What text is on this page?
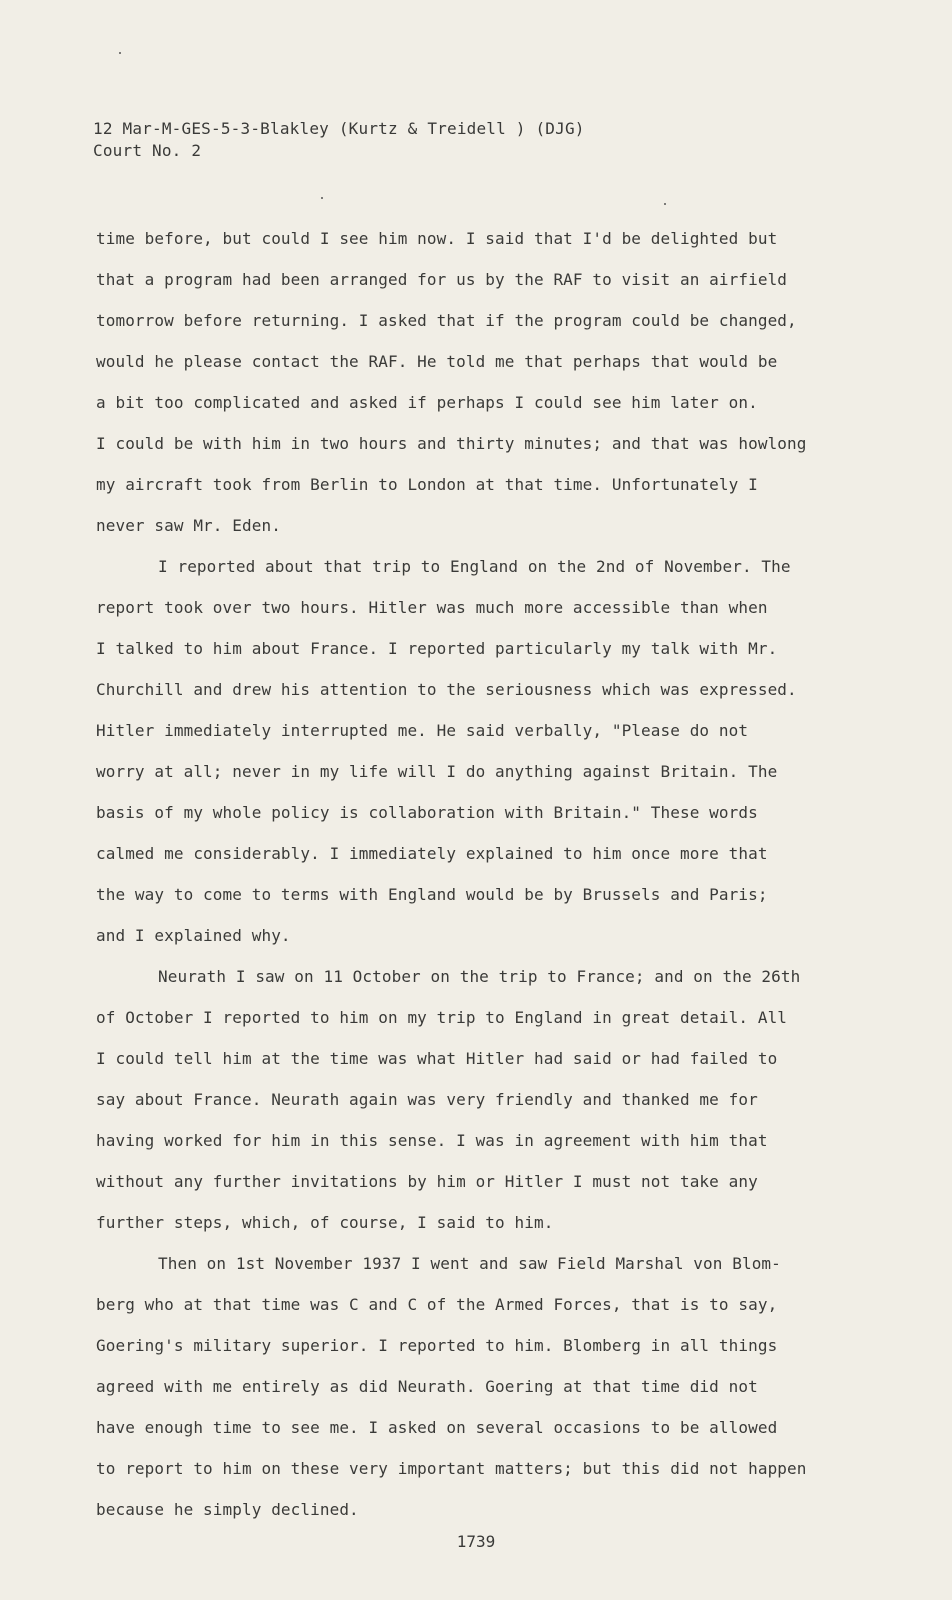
12 Mar-M-GES-5-3-Blakley (Kurtz & Treidell ) (DJG)
Court No. 2
time before, but could I see him now. I said that I'd be delighted but
that a program had been arranged for us by the RAF to visit an airfield
tomorrow before returning. I asked that if the program could be changed,
would he please contact the RAF. He told me that perhaps that would be
a bit too complicated and asked if perhaps I could see him later on.
I could be with him in two hours and thirty minutes; and that was howlong
my aircraft took from Berlin to London at that time. Unfortunately I
never saw Mr. Eden.
I reported about that trip to England on the 2nd of November. The
report took over two hours. Hitler was much more accessible than when
I talked to him about France. I reported particularly my talk with Mr.
Churchill and drew his attention to the seriousness which was expressed.
Hitler immediately interrupted me. He said verbally, "Please do not
worry at all; never in my life will I do anything against Britain. The
basis of my whole policy is collaboration with Britain." These words
calmed me considerably. I immediately explained to him once more that
the way to come to terms with England would be by Brussels and Paris;
and I explained why.
Neurath I saw on 11 October on the trip to France; and on the 26th
of October I reported to him on my trip to England in great detail. All
I could tell him at the time was what Hitler had said or had failed to
say about France. Neurath again was very friendly and thanked me for
having worked for him in this sense. I was in agreement with him that
without any further invitations by him or Hitler I must not take any
further steps, which, of course, I said to him.
Then on 1st November 1937 I went and saw Field Marshal von Blom-
berg who at that time was C and C of the Armed Forces, that is to say,
Goering's military superior. I reported to him. Blomberg in all things
agreed with me entirely as did Neurath. Goering at that time did not
have enough time to see me. I asked on several occasions to be allowed
to report to him on these very important matters; but this did not happen
because he simply declined.
1739
